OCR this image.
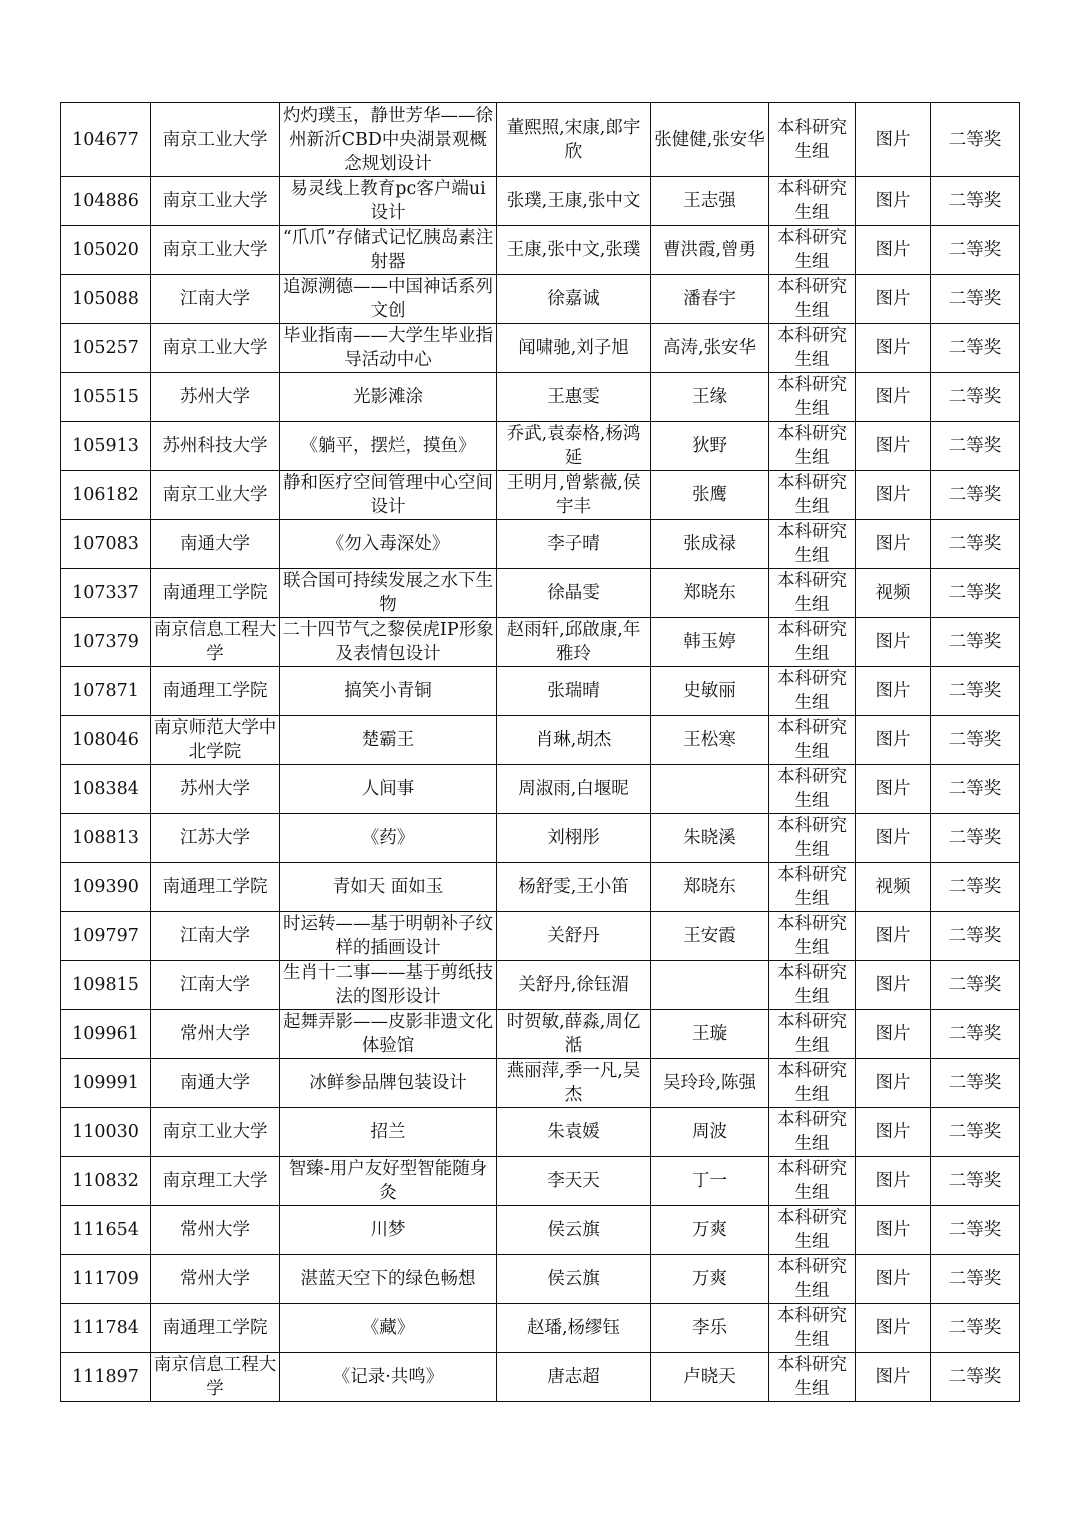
104677	南京工业大学	灼灼璞玉，静世芳华——徐州新沂CBD中央湖景观概念规划设计	董熙照,宋康,郎宇欣	张健健,张安华	本科研究生组	图片	二等奖
104886	南京工业大学	易灵线上教育pc客户端ui设计	张璞,王康,张中文	王志强	本科研究生组	图片	二等奖
105020	南京工业大学	“爪爪”存储式记忆胰岛素注射器	王康,张中文,张璞	曹洪霞,曾勇	本科研究生组	图片	二等奖
105088	江南大学	追源溯德——中国神话系列文创	徐嘉诚	潘春宇	本科研究生组	图片	二等奖
105257	南京工业大学	毕业指南——大学生毕业指导活动中心	闻啸驰,刘子旭	高涛,张安华	本科研究生组	图片	二等奖
105515	苏州大学	光影滩涂	王惠雯	王缘	本科研究生组	图片	二等奖
105913	苏州科技大学	《躺平，摆烂，摸鱼》	乔武,袁泰格,杨鸿延	狄野	本科研究生组	图片	二等奖
106182	南京工业大学	静和医疗空间管理中心空间设计	王明月,曾紫薇,侯宇丰	张鹰	本科研究生组	图片	二等奖
107083	南通大学	《勿入毒深处》	李子晴	张成禄	本科研究生组	图片	二等奖
107337	南通理工学院	联合国可持续发展之水下生物	徐晶雯	郑晓东	本科研究生组	视频	二等奖
107379	南京信息工程大学	二十四节气之黎侯虎IP形象及表情包设计	赵雨轩,邱啟康,年雅玲	韩玉婷	本科研究生组	图片	二等奖
107871	南通理工学院	搞笑小青铜	张瑞晴	史敏丽	本科研究生组	图片	二等奖
108046	南京师范大学中北学院	楚霸王	肖琳,胡杰	王松寒	本科研究生组	图片	二等奖
108384	苏州大学	人间事	周淑雨,白堰昵		本科研究生组	图片	二等奖
108813	江苏大学	《药》	刘栩彤	朱晓溪	本科研究生组	图片	二等奖
109390	南通理工学院	青如天 面如玉	杨舒雯,王小笛	郑晓东	本科研究生组	视频	二等奖
109797	江南大学	时运转——基于明朝补子纹样的插画设计	关舒丹	王安霞	本科研究生组	图片	二等奖
109815	江南大学	生肖十二事——基于剪纸技法的图形设计	关舒丹,徐钰湄		本科研究生组	图片	二等奖
109961	常州大学	起舞弄影——皮影非遗文化体验馆	时贺敏,薛淼,周亿湉	王璇	本科研究生组	图片	二等奖
109991	南通大学	冰鲜参品牌包装设计	燕丽萍,季一凡,吴杰	吴玲玲,陈强	本科研究生组	图片	二等奖
110030	南京工业大学	招兰	朱袁媛	周波	本科研究生组	图片	二等奖
110832	南京理工大学	智臻-用户友好型智能随身灸	李天天	丁一	本科研究生组	图片	二等奖
111654	常州大学	川梦	侯云旗	万爽	本科研究生组	图片	二等奖
111709	常州大学	湛蓝天空下的绿色畅想	侯云旗	万爽	本科研究生组	图片	二等奖
111784	南通理工学院	《藏》	赵璠,杨缪钰	李乐	本科研究生组	图片	二等奖
111897	南京信息工程大学	《记录·共鸣》	唐志超	卢晓天	本科研究生组	图片	二等奖
